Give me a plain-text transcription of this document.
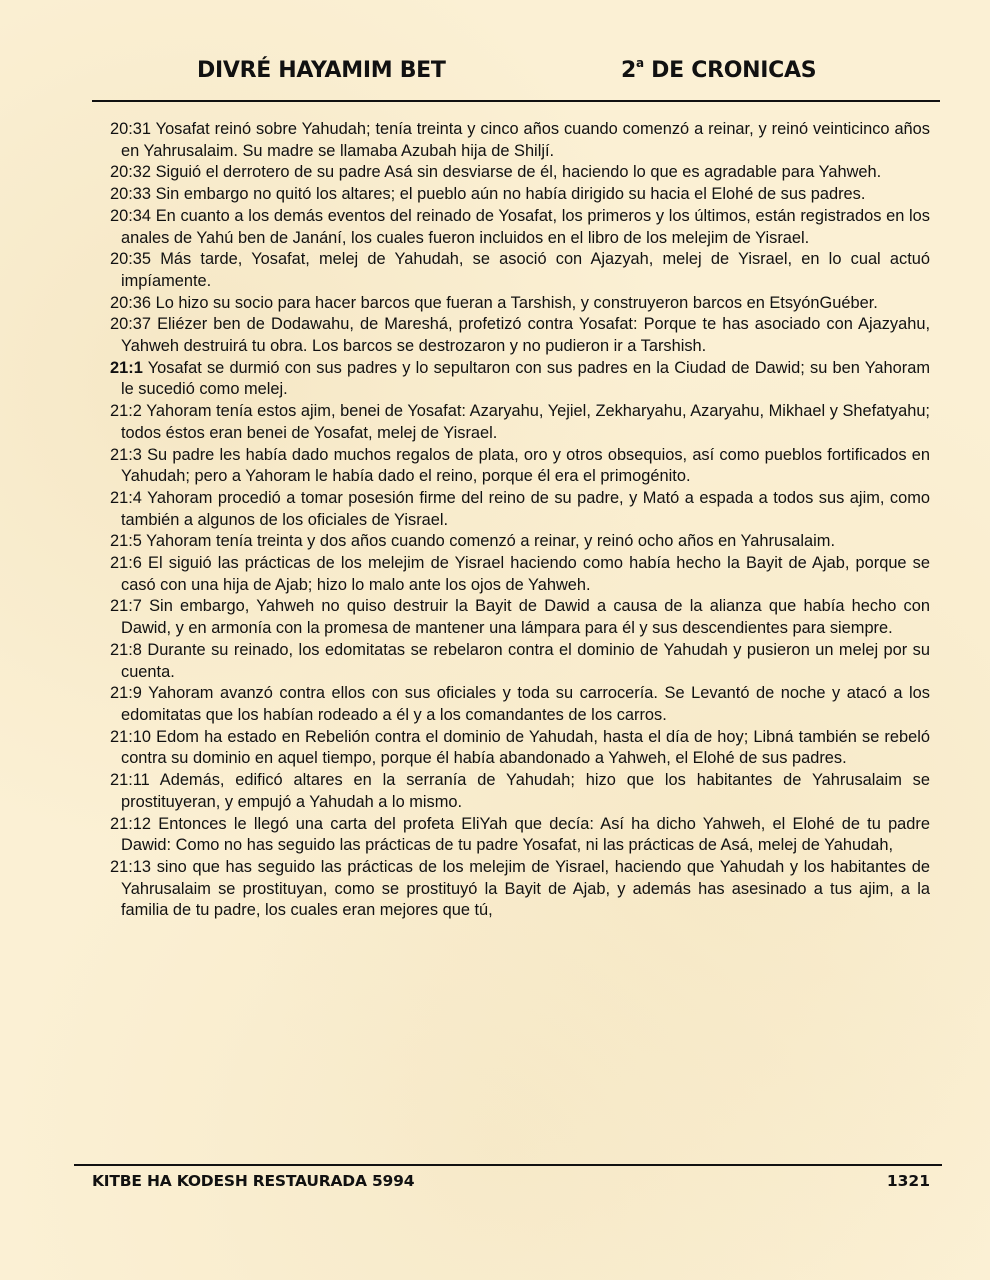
DIVRÉ HAYAMIM BET	2$^a$ DE CRONICAS

20:31 Yosafat reinó sobre Yahudah; tenía treinta y cinco años cuando comenzó a reinar, y reinó veinticinco años en Yahrusalaim. Su madre se llamaba Azubah hija de Shiljí.

20:32 Siguió el derrotero de su padre Asá sin desviarse de él, haciendo lo que es agradable para Yahweh.

20:33 Sin embargo no quitó los altares; el pueblo aún no había dirigido su hacia el Elohé de sus padres.

20:34 En cuanto a los demás eventos del reinado de Yosafat, los primeros y los últimos, están registrados en los anales de Yahú ben de Janání, los cuales fueron incluidos en el libro de los melejim de Yisrael.

20:35 Más tarde, Yosafat, melej de Yahudah, se asoció con Ajazyah, melej de Yisrael, en lo cual actuó impíamente.

20:36 Lo hizo su socio para hacer barcos que fueran a Tarshish, y construyeron barcos en EtsyónGuéber.

20:37 Eliézer ben de Dodawahu, de Mareshá, profetizó contra Yosafat: Porque te has asociado con Ajazyahu, Yahweh destruirá tu obra. Los barcos se destrozaron y no pudieron ir a Tarshish.

21:1 Yosafat se durmió con sus padres y lo sepultaron con sus padres en la Ciudad de Dawid; su ben Yahoram le sucedió como melej.

21:2 Yahoram tenía estos ajim, benei de Yosafat: Azaryahu, Yejiel, Zekharyahu, Azaryahu, Mikhael y Shefatyahu; todos éstos eran benei de Yosafat, melej de Yisrael.

21:3 Su padre les había dado muchos regalos de plata, oro y otros obsequios, así como pueblos fortificados en Yahudah; pero a Yahoram le había dado el reino, porque él era el primogénito.

21:4 Yahoram procedió a tomar posesión firme del reino de su padre, y Mató a espada a todos sus ajim, como también a algunos de los oficiales de Yisrael.

21:5 Yahoram tenía treinta y dos años cuando comenzó a reinar, y reinó ocho años en Yahrusalaim.

21:6 El siguió las prácticas de los melejim de Yisrael haciendo como había hecho la Bayit de Ajab, porque se casó con una hija de Ajab; hizo lo malo ante los ojos de Yahweh.

21:7 Sin embargo, Yahweh no quiso destruir la Bayit de Dawid a causa de la alianza que había hecho con Dawid, y en armonía con la promesa de mantener una lámpara para él y sus descendientes para siempre.

21:8 Durante su reinado, los edomitatas se rebelaron contra el dominio de Yahudah y pusieron un melej por su cuenta.

21:9 Yahoram avanzó contra ellos con sus oficiales y toda su carrocería. Se Levantó de noche y atacó a los edomitatas que los habían rodeado a él y a los comandantes de los carros.

21:10 Edom ha estado en Rebelión contra el dominio de Yahudah, hasta el día de hoy; Libná también se rebeló contra su dominio en aquel tiempo, porque él había abandonado a Yahweh, el Elohé de sus padres.

21:11 Además, edificó altares en la serranía de Yahudah; hizo que los habitantes de Yahrusalaim se prostituyeran, y empujó a Yahudah a lo mismo.

21:12 Entonces le llegó una carta del profeta EliYah que decía: Así ha dicho Yahweh, el Elohé de tu padre Dawid: Como no has seguido las prácticas de tu padre Yosafat, ni las prácticas de Asá, melej de Yahudah,

21:13 sino que has seguido las prácticas de los melejim de Yisrael, haciendo que Yahudah y los habitantes de Yahrusalaim se prostituyan, como se prostituyó la Bayit de Ajab, y además has asesinado a tus ajim, a la familia de tu padre, los cuales eran mejores que tú,

KITBE HA KODESH RESTAURADA 5994	1321
